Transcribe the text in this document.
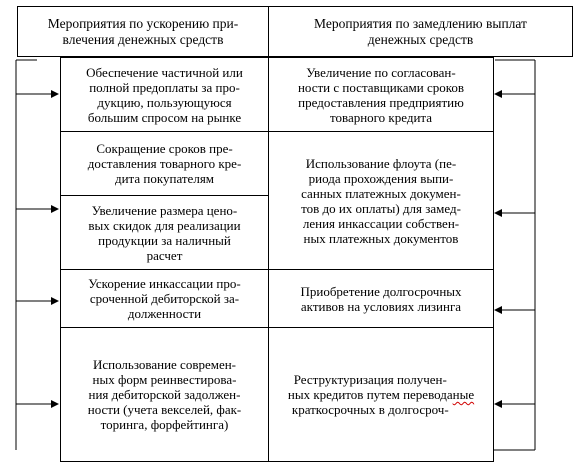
Мероприятия по ускорению при-
влечения денежных средств
Мероприятия по замедлению выплат
денежных средств
Обеспечение частичной или
полной предоплаты за про-
дукцию, пользующуюся
большим спросом на рынке
Сокращение сроков пре-
доставления товарного кре-
дита покупателям
Увеличение размера цено-
вых скидок для реализации
продукции за наличный
расчет
Ускорение инкассации про-
сроченной дебиторской за-
долженности
Использование современ-
ных форм реинвестирова-
ния дебиторской задолжен-
ности (учета векселей, фак-
торинга, форфейтинга)
Увеличение по согласован-
ности с поставщиками сроков
предоставления предприятию
товарного кредита
Использование флоута (пе-
риода прохождения выпи-
санных платежных докумен-
тов до их оплаты) для замед-
ления инкассации собствен-
ных платежных документов
Приобретение долгосрочных
активов на условиях лизинга
Реструктуризация получен-
ных кредитов путем перевода
краткосрочных в долгосроч-

ные
